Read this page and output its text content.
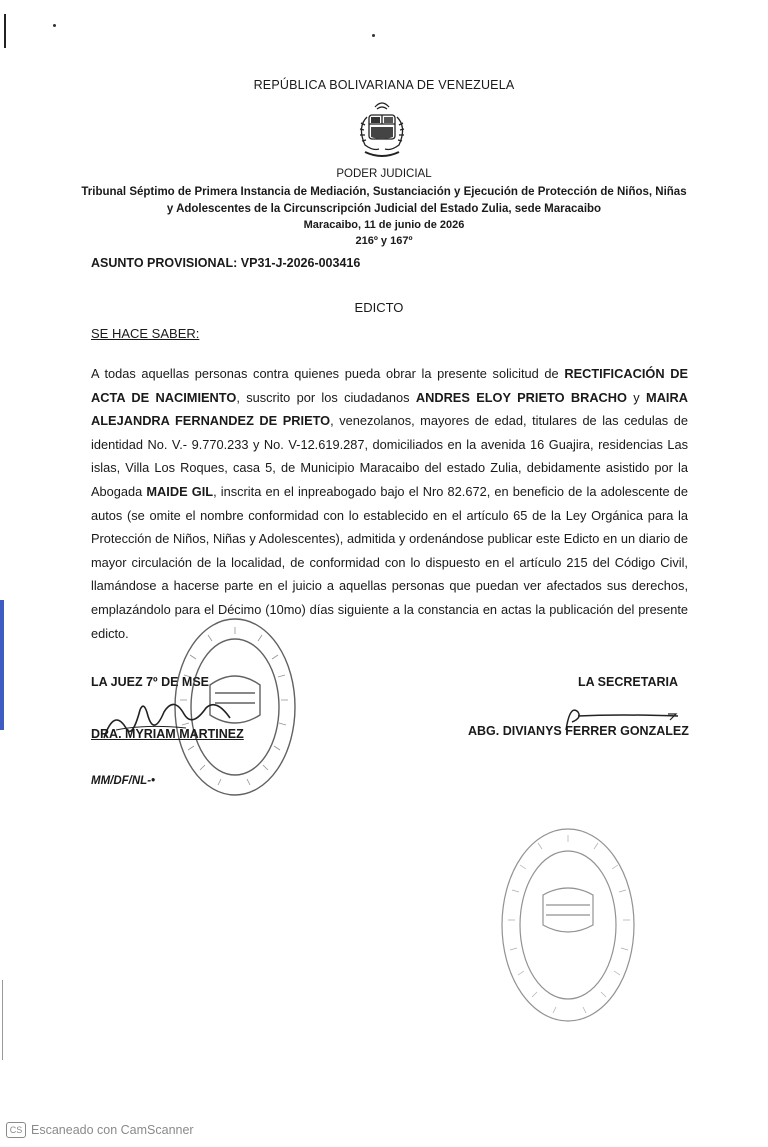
REPÚBLICA BOLIVARIANA DE VENEZUELA
PODER JUDICIAL
Tribunal Séptimo de Primera Instancia de Mediación, Sustanciación y Ejecución de Protección de Niños, Niñas
y Adolescentes de la Circunscripción Judicial del Estado Zulia, sede Maracaibo
Maracaibo, 11 de junio de 2026
216º y 167º
ASUNTO PROVISIONAL: VP31-J-2026-003416
EDICTO
SE HACE SABER:
A todas aquellas personas contra quienes pueda obrar la presente solicitud de RECTIFICACIÓN DE ACTA DE NACIMIENTO, suscrito por los ciudadanos ANDRES ELOY PRIETO BRACHO y MAIRA ALEJANDRA FERNANDEZ DE PRIETO, venezolanos, mayores de edad, titulares de las cedulas de identidad No. V.- 9.770.233 y No. V-12.619.287, domiciliados en la avenida 16 Guajira, residencias Las islas, Villa Los Roques, casa 5, de Municipio Maracaibo del estado Zulia, debidamente asistido por la Abogada MAIDE GIL, inscrita en el inpreabogado bajo el Nro 82.672, en beneficio de la adolescente de autos (se omite el nombre conformidad con lo establecido en el artículo 65 de la Ley Orgánica para la Protección de Niños, Niñas y Adolescentes), admitida y ordenándose publicar este Edicto en un diario de mayor circulación de la localidad, de conformidad con lo dispuesto en el artículo 215 del Código Civil, llamándose a hacerse parte en el juicio a aquellas personas que puedan ver afectados sus derechos, emplazándolo para el Décimo (10mo) días siguiente a la constancia en actas la publicación del presente edicto.
LA JUEZ 7º DE MSE	LA SECRETARIA
DRA. MYRIAM MARTINEZ	ABG. DIVIANYS FERRER GONZALEZ
MM/DF/NL-•
CS Escaneado con CamScanner
